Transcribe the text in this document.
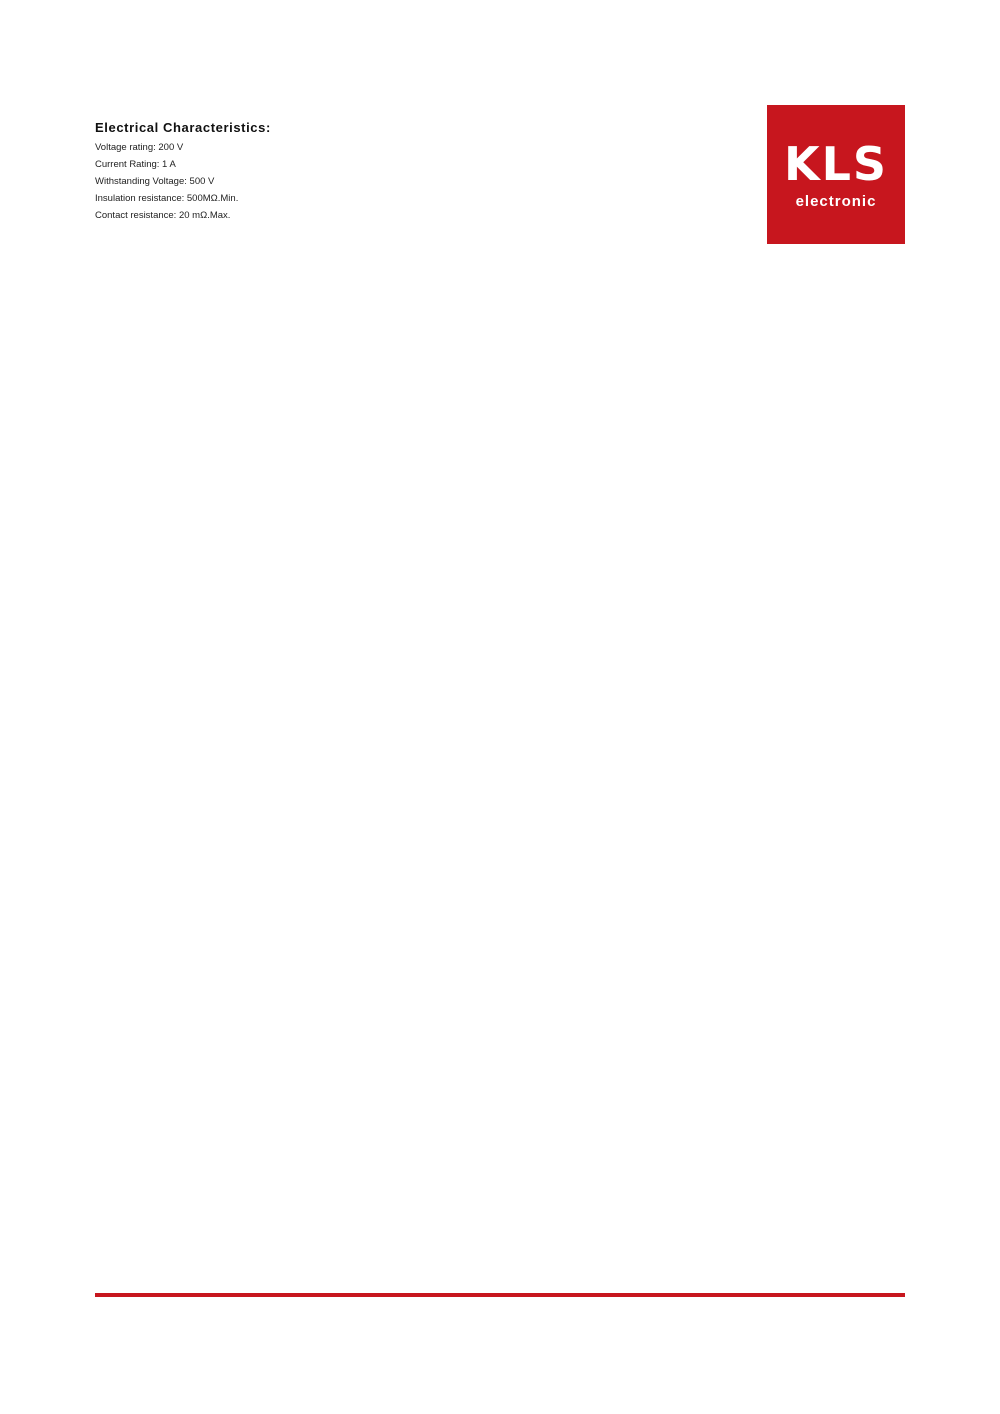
Electrical Characteristics:
Voltage rating: 200 V
Current Rating: 1 A
Withstanding Voltage: 500 V
Insulation resistance: 500MΩ.Min.
Contact resistance: 20 mΩ.Max.
KLS
electronic
